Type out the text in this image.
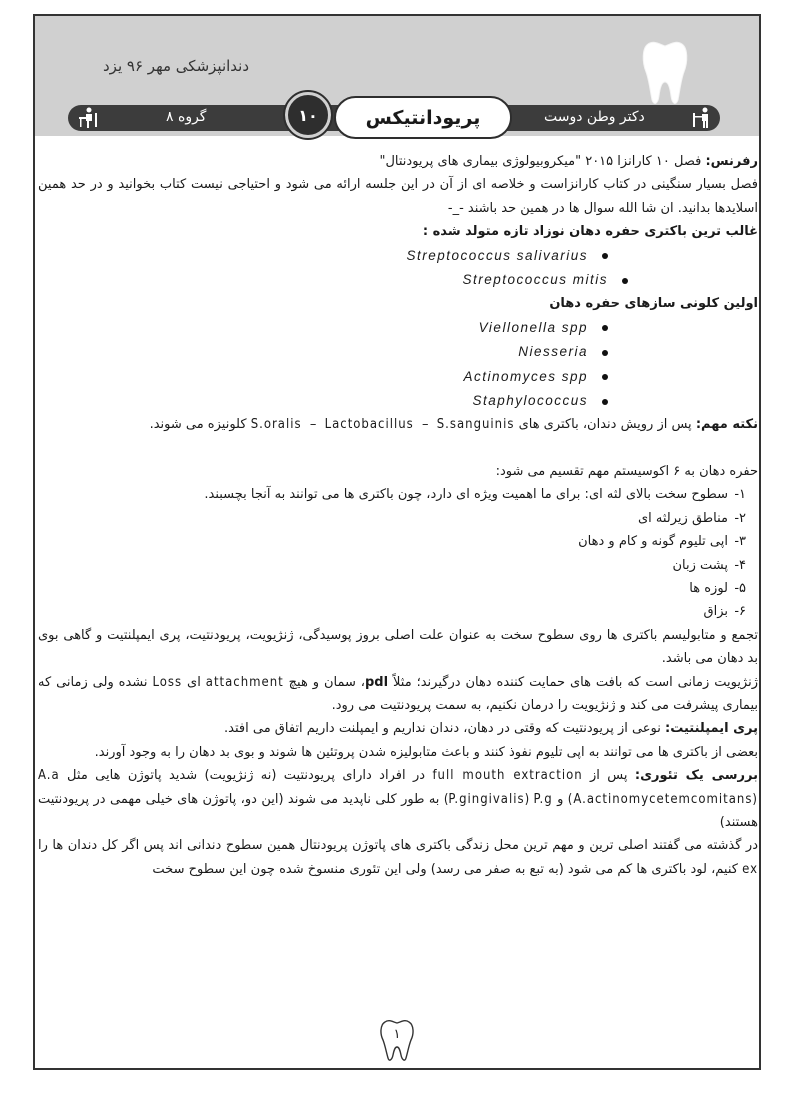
دندانپزشکی مهر ۹۶ یزد
گروه ۸	۱۰	پریودانتیکس	دکتر وطن دوست

رفرنس: فصل ۱۰ کارانزا ۲۰۱۵ "میکروبیولوژی بیماری های پریودنتال"

فصل بسیار سنگینی در کتاب کارانزاست و خلاصه ای از آن در این جلسه ارائه می شود و احتیاجی نیست کتاب بخوانید و در حد همین اسلایدها بدانید. ان شا الله سوال ها در همین حد باشند -_-

غالب ترین باکتری حفره دهان نوزاد تازه متولد شده :

Streptococcus salivarius
Streptococcus mitis

اولین کلونی سازهای حفره دهان

Viellonella spp
Niesseria
Actinomyces spp
Staphylococcus

نکته مهم: پس از رویش دندان، باکتری های S.oralis – Lactobacillus – S.sanguinis کلونیزه می شوند.

حفره دهان به ۶ اکوسیستم مهم تقسیم می شود:

۱-سطوح سخت بالای لثه ای: برای ما اهمیت ویژه ای دارد، چون باکتری ها می توانند به آنجا بچسبند.
۲-مناطق زیرلثه ای
۳-اپی تلیوم گونه و کام و دهان
۴-پشت زبان
۵-لوزه ها
۶-بزاق

تجمع و متابولیسم باکتری ها روی سطوح سخت به عنوان علت اصلی بروز پوسیدگی، ژنژیویت، پریودنتیت، پری ایمپلنتیت و گاهی بوی بد دهان می باشد.

ژنژیویت زمانی است که بافت های حمایت کننده دهان درگیرند؛ مثلاً pdl، سمان و هیچ attachment ای Loss نشده ولی زمانی که بیماری پیشرفت می کند و ژنژیویت را درمان نکنیم، به سمت پریودنتیت می رود.

پری ایمپلنتیت: نوعی از پریودنتیت که وقتی در دهان، دندان نداریم و ایمپلنت داریم اتفاق می افتد.

بعضی از باکتری ها می توانند به اپی تلیوم نفوذ کنند و باعث متابولیزه شدن پروتئین ها شوند و بوی بد دهان را به وجود آورند.

بررسی یک تئوری: پس از full mouth extraction در افراد دارای پریودنتیت (نه ژنژیویت) شدید پاتوژن هایی مثل A.a (A.actinomycetemcomitans) و (P.gingivalis) P.g به طور کلی ناپدید می شوند (این دو، پاتوژن های خیلی مهمی در پریودنتیت هستند)

در گذشته می گفتند اصلی ترین و مهم ترین محل زندگی باکتری های پاتوژن پریودنتال همین سطوح دندانی اند پس اگر کل دندان ها را ex کنیم، لود باکتری ها کم می شود (به تبع به صفر می رسد) ولی این تئوری منسوخ شده چون این سطوح سخت

۱
